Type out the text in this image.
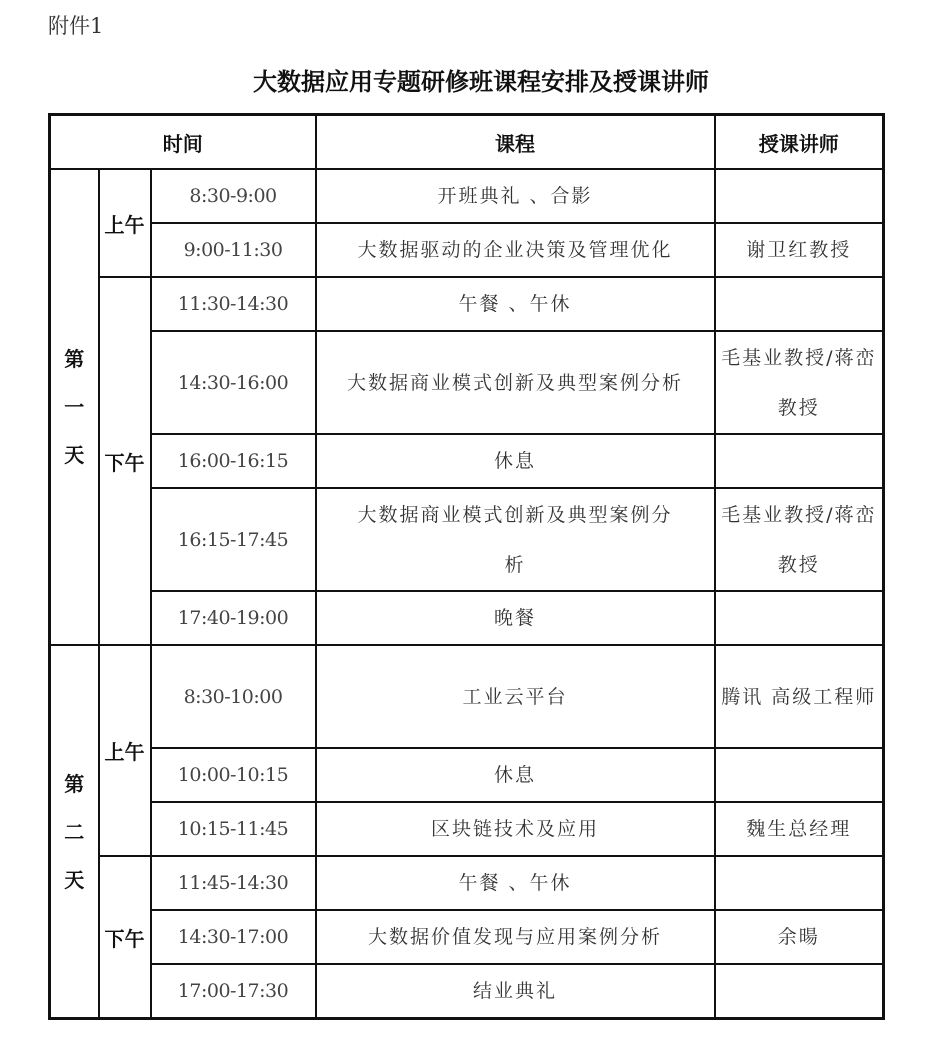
附件1
大数据应用专题研修班课程安排及授课讲师
时间			课程	授课讲师

第
一
天	上午	8:30-9:00	开班典礼 、合影	
		9:00-11:30	大数据驱动的企业决策及管理优化	谢卫红教授
	下午	11:30-14:30	午餐 、午休	
		14:30-16:00	大数据商业模式创新及典型案例分析	毛基业教授/蒋峦教授
		16:00-16:15	休息	
		16:15-17:45	大数据商业模式创新及典型案例分析	毛基业教授/蒋峦教授
		17:40-19:00	晚餐	

第
二
天	上午	8:30-10:00	工业云平台	腾讯 高级工程师
		10:00-10:15	休息	
		10:15-11:45	区块链技术及应用	魏生总经理
	下午	11:45-14:30	午餐 、午休	
		14:30-17:00	大数据价值发现与应用案例分析	余暘
		17:00-17:30	结业典礼	
